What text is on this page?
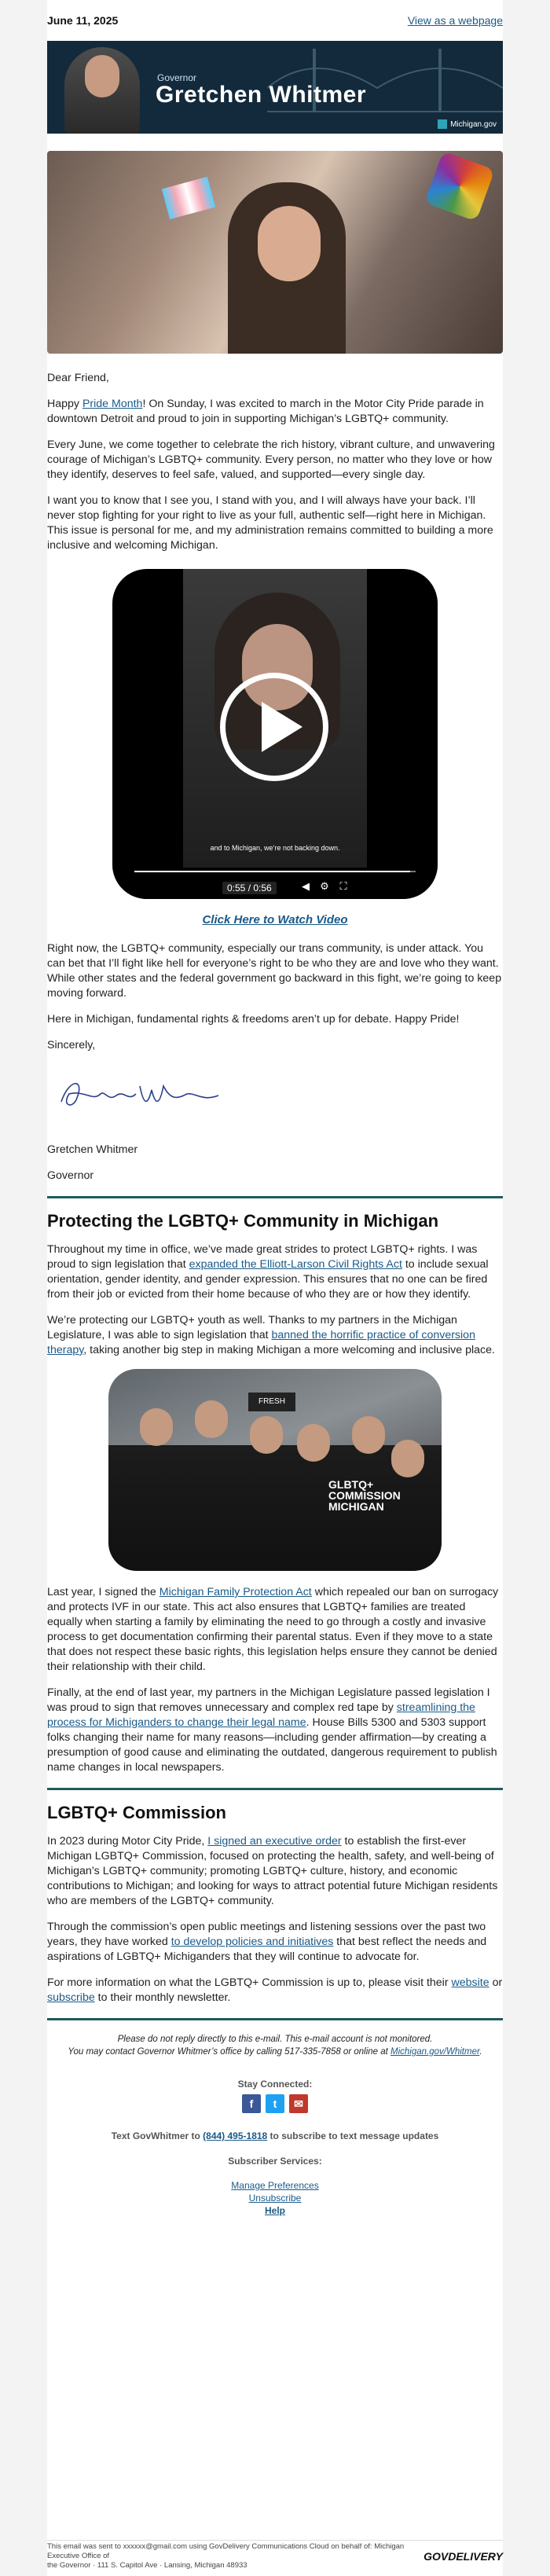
June 11, 2025	View as a webpage
Governor
Gretchen Whitmer
Michigan.gov

Dear Friend,

Happy Pride Month! On Sunday, I was excited to march in the Motor City Pride parade in downtown Detroit and proud to join in supporting Michigan’s LGBTQ+ community.

Every June, we come together to celebrate the rich history, vibrant culture, and unwavering courage of Michigan’s LGBTQ+ community. Every person, no matter who they love or how they identify, deserves to feel safe, valued, and supported—every single day.

I want you to know that I see you, I stand with you, and I will always have your back. I’ll never stop fighting for your right to live as your full, authentic self—right here in Michigan. This issue is personal for me, and my administration remains committed to building a more inclusive and welcoming Michigan.

and to Michigan, we’re not backing down.
0:55 / 0:56	◀ ⚙ ⛶
Click Here to Watch Video

Right now, the LGBTQ+ community, especially our trans community, is under attack. You can bet that I’ll fight like hell for everyone’s right to be who they are and love who they want. While other states and the federal government go backward in this fight, we’re going to keep moving forward.

Here in Michigan, fundamental rights & freedoms aren’t up for debate. Happy Pride!

Sincerely,

Gretchen Whitmer

Governor

Protecting the LGBTQ+ Community in Michigan

Throughout my time in office, we’ve made great strides to protect LGBTQ+ rights. I was proud to sign legislation that expanded the Elliott-Larson Civil Rights Act to include sexual orientation, gender identity, and gender expression. This ensures that no one can be fired from their job or evicted from their home because of who they are or how they identify.

We’re protecting our LGBTQ+ youth as well. Thanks to my partners in the Michigan Legislature, I was able to sign legislation that banned the horrific practice of conversion therapy, taking another big step in making Michigan a more welcoming and inclusive place.

FRESH
GLBTQ+ COMMISSION MICHIGAN

Last year, I signed the Michigan Family Protection Act which repealed our ban on surrogacy and protects IVF in our state. This act also ensures that LGBTQ+ families are treated equally when starting a family by eliminating the need to go through a costly and invasive process to get documentation confirming their parental status. Even if they move to a state that does not respect these basic rights, this legislation helps ensure they cannot be denied their relationship with their child.

Finally, at the end of last year, my partners in the Michigan Legislature passed legislation I was proud to sign that removes unnecessary and complex red tape by streamlining the process for Michiganders to change their legal name. House Bills 5300 and 5303 support folks changing their name for many reasons—including gender affirmation—by creating a presumption of good cause and eliminating the outdated, dangerous requirement to publish name changes in local newspapers.

LGBTQ+ Commission

In 2023 during Motor City Pride, I signed an executive order to establish the first-ever Michigan LGBTQ+ Commission, focused on protecting the health, safety, and well-being of Michigan’s LGBTQ+ community; promoting LGBTQ+ culture, history, and economic contributions to Michigan; and looking for ways to attract potential future Michigan residents who are members of the LGBTQ+ community.

Through the commission’s open public meetings and listening sessions over the past two years, they have worked to develop policies and initiatives that best reflect the needs and aspirations of LGBTQ+ Michiganders that they will continue to advocate for.

For more information on what the LGBTQ+ Commission is up to, please visit their website or subscribe to their monthly newsletter.

Please do not reply directly to this e-mail. This e-mail account is not monitored.
You may contact Governor Whitmer’s office by calling 517-335-7858 or online at Michigan.gov/Whitmer.
Stay Connected:
f	t	✉
Text GovWhitmer to (844) 495-1818 to subscribe to text message updates
Subscriber Services:
Manage Preferences
Unsubscribe
Help
This email was sent to xxxxxx@gmail.com using GovDelivery Communications Cloud on behalf of: Michigan Executive Office of
the Governor · 111 S. Capitol Ave · Lansing, Michigan 48933
GOVDELIVERY
